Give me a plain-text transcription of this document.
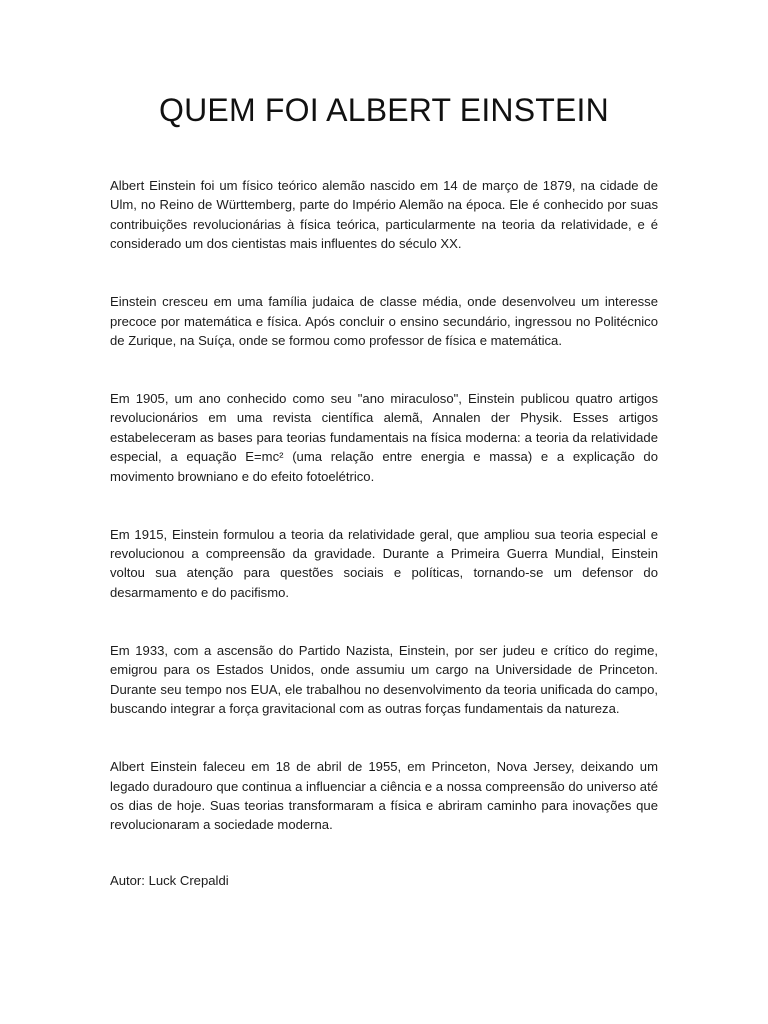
QUEM FOI ALBERT EINSTEIN

Albert Einstein foi um físico teórico alemão nascido em 14 de março de 1879, na cidade de Ulm, no Reino de Württemberg, parte do Império Alemão na época. Ele é conhecido por suas contribuições revolucionárias à física teórica, particularmente na teoria da relatividade, e é considerado um dos cientistas mais influentes do século XX.

Einstein cresceu em uma família judaica de classe média, onde desenvolveu um interesse precoce por matemática e física. Após concluir o ensino secundário, ingressou no Politécnico de Zurique, na Suíça, onde se formou como professor de física e matemática.

Em 1905, um ano conhecido como seu "ano miraculoso", Einstein publicou quatro artigos revolucionários em uma revista científica alemã, Annalen der Physik. Esses artigos estabeleceram as bases para teorias fundamentais na física moderna: a teoria da relatividade especial, a equação E=mc² (uma relação entre energia e massa) e a explicação do movimento browniano e do efeito fotoelétrico.

Em 1915, Einstein formulou a teoria da relatividade geral, que ampliou sua teoria especial e revolucionou a compreensão da gravidade. Durante a Primeira Guerra Mundial, Einstein voltou sua atenção para questões sociais e políticas, tornando-se um defensor do desarmamento e do pacifismo.

Em 1933, com a ascensão do Partido Nazista, Einstein, por ser judeu e crítico do regime, emigrou para os Estados Unidos, onde assumiu um cargo na Universidade de Princeton. Durante seu tempo nos EUA, ele trabalhou no desenvolvimento da teoria unificada do campo, buscando integrar a força gravitacional com as outras forças fundamentais da natureza.

Albert Einstein faleceu em 18 de abril de 1955, em Princeton, Nova Jersey, deixando um legado duradouro que continua a influenciar a ciência e a nossa compreensão do universo até os dias de hoje. Suas teorias transformaram a física e abriram caminho para inovações que revolucionaram a sociedade moderna.

Autor: Luck Crepaldi
